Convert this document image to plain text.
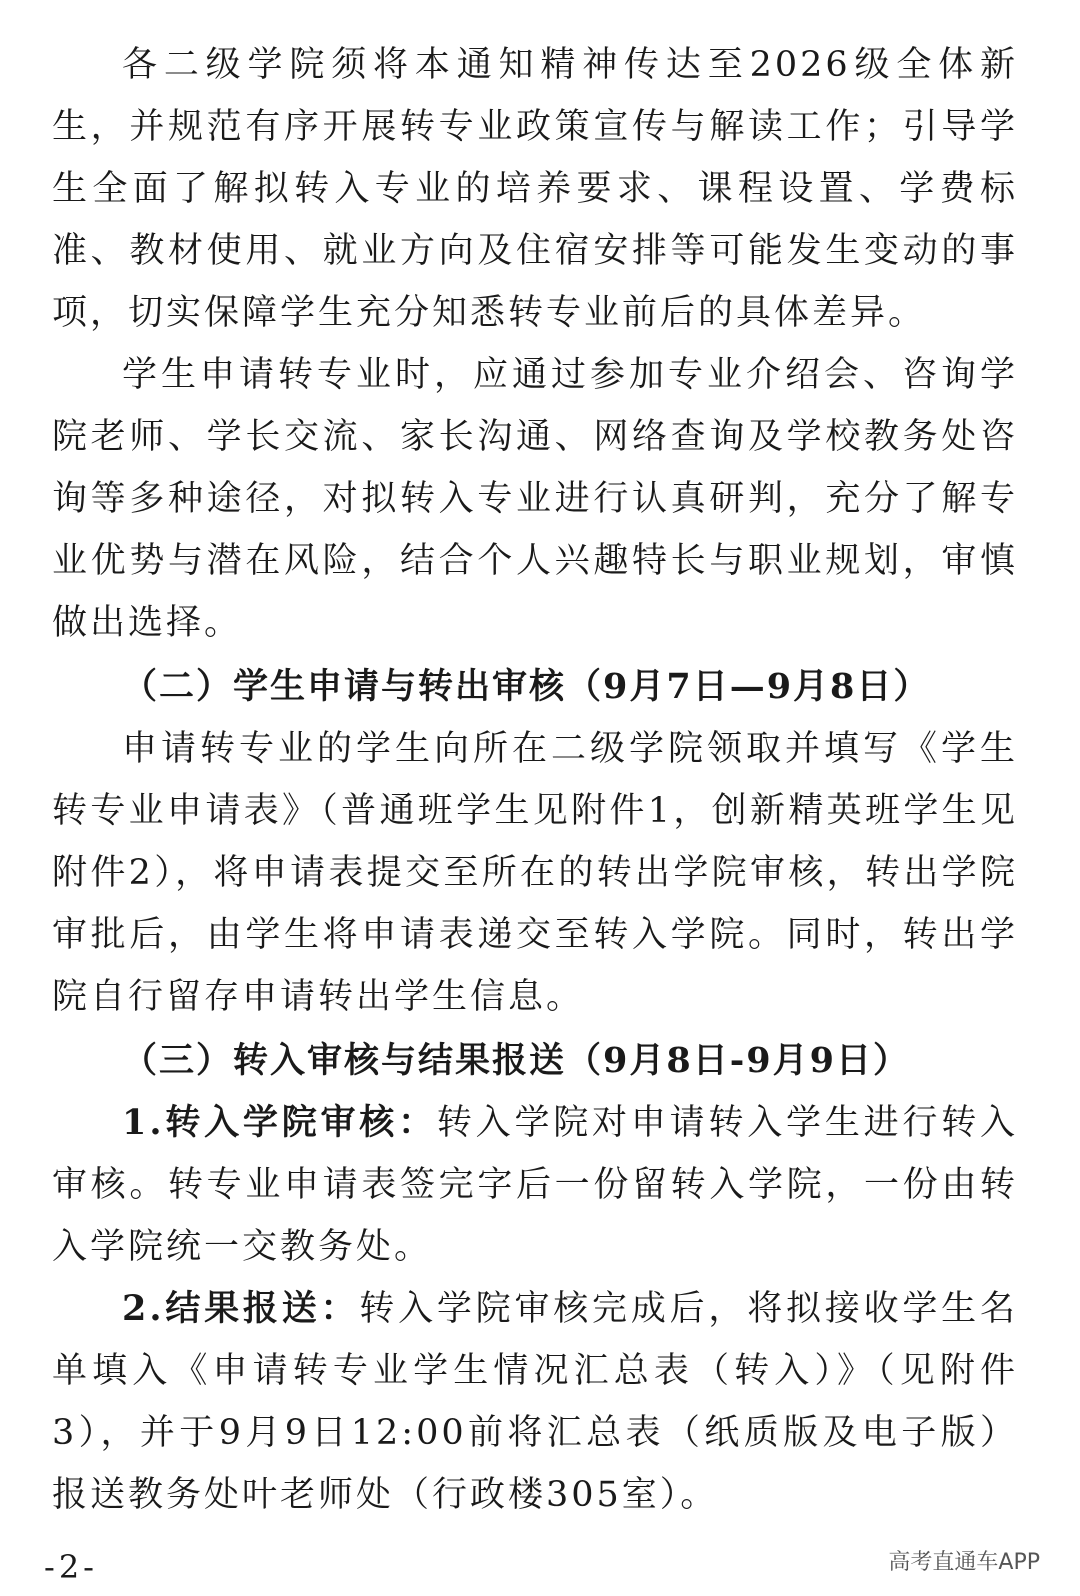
各二级学院须将本通知精神传达至2026级全体新生，并规范有序开展转专业政策宣传与解读工作；引导学生全面了解拟转入专业的培养要求、课程设置、学费标准、教材使用、就业方向及住宿安排等可能发生变动的事项，切实保障学生充分知悉转专业前后的具体差异。

学生申请转专业时，应通过参加专业介绍会、咨询学院老师、学长交流、家长沟通、网络查询及学校教务处咨询等多种途径，对拟转入专业进行认真研判，充分了解专业优势与潜在风险，结合个人兴趣特长与职业规划，审慎做出选择。

（二）学生申请与转出审核（9月7日—9月8日）

申请转专业的学生向所在二级学院领取并填写《学生转专业申请表》（普通班学生见附件1，创新精英班学生见附件2），将申请表提交至所在的转出学院审核，转出学院审批后，由学生将申请表递交至转入学院。同时，转出学院自行留存申请转出学生信息。

（三）转入审核与结果报送（9月8日-9月9日）

1.转入学院审核：转入学院对申请转入学生进行转入审核。转专业申请表签完字后一份留转入学院，一份由转入学院统一交教务处。

2.结果报送：转入学院审核完成后，将拟接收学生名单填入《申请转专业学生情况汇总表（转入）》（见附件3），并于9月9日12:00前将汇总表（纸质版及电子版）报送教务处叶老师处（行政楼305室）。

-2-	高考直通车APP
